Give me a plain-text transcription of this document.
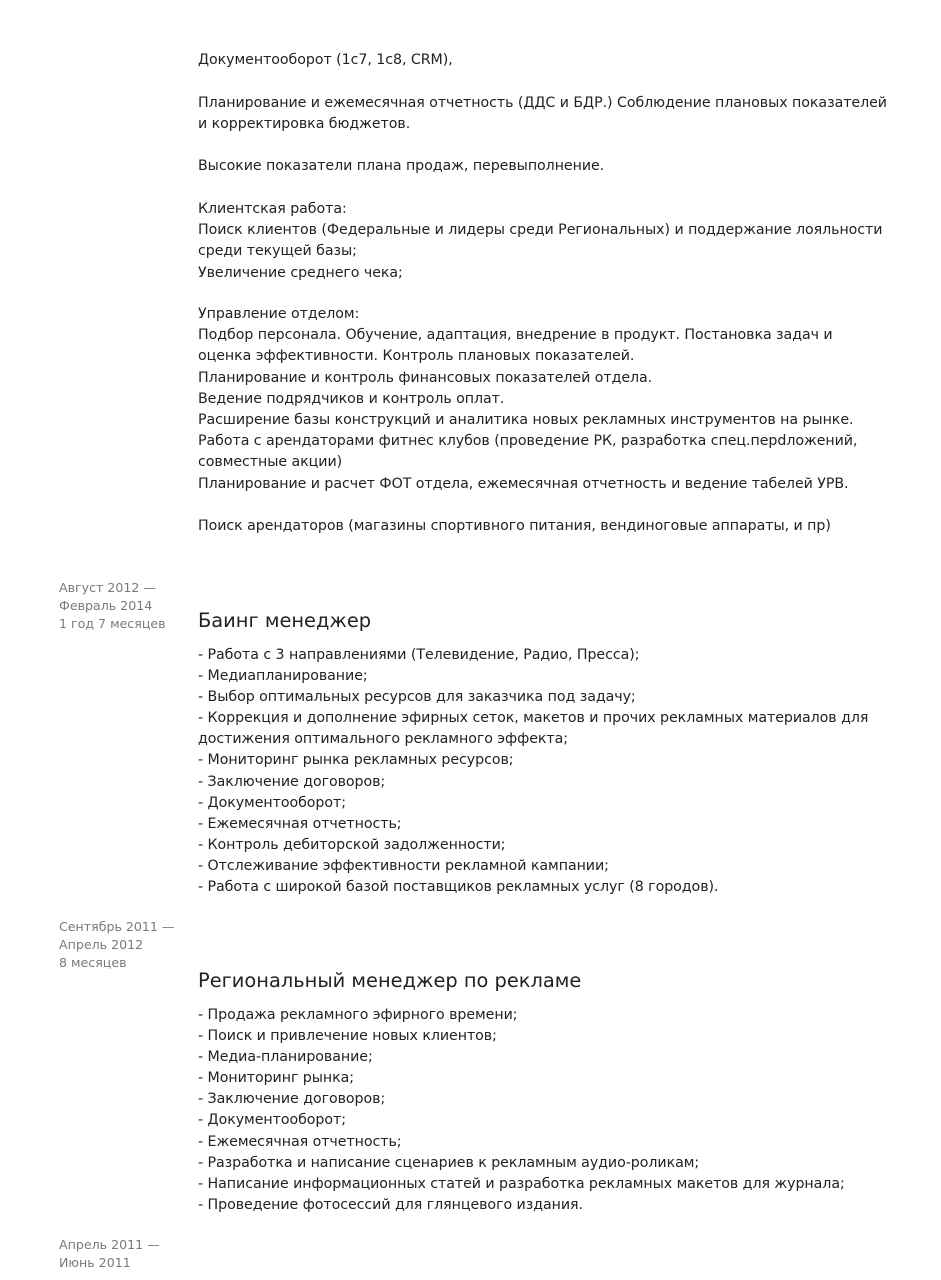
Документооборот (1с7, 1с8, CRM),

Планирование и ежемесячная отчетность (ДДС и БДР.) Соблюдение плановых показателей и корректировка бюджетов.

Высокие показатели плана продаж, перевыполнение.

Клиентская работа:
Поиск клиентов (Федеральные и лидеры среди Региональных) и поддержание лояльности среди текущей базы;
Увеличение среднего чека;

Управление отделом:
Подбор персонала. Обучение, адаптация, внедрение в продукт. Постановка задач и оценка эффективности. Контроль плановых показателей.
Планирование и контроль финансовых показателей отдела.
Ведение подрядчиков и контроль оплат.
Расширение базы конструкций и аналитика новых рекламных инструментов на рынке.
Работа с арендаторами фитнес клубов (проведение РК, разработка спец.перdложений, совместные акции)
Планирование и расчет ФОТ отдела, ежемесячная отчетность и ведение табелей УРВ.

Поиск арендаторов (магазины спортивного питания, вендиноговые аппараты, и пр)

Август 2012 —
Февраль 2014
1 год 7 месяцев	Баинг менеджер
- Работа с 3 направлениями (Телевидение, Радио, Пресса);
- Медиапланирование;
- Выбор оптимальных ресурсов для заказчика под задачу;
- Коррекция и дополнение эфирных сеток, макетов и прочих рекламных материалов для достижения оптимального рекламного эффекта;
- Мониторинг рынка рекламных ресурсов;
- Заключение договоров;
- Документооборот;
- Ежемесячная отчетность;
- Контроль дебиторской задолженности;
- Отслеживание эффективности рекламной кампании;
- Работа с широкой базой поставщиков рекламных услуг (8 городов).
Сентябрь 2011 —
Апрель 2012
8 месяцев
Региональный менеджер по рекламе
- Продажа рекламного эфирного времени;
- Поиск и привлечение новых клиентов;
- Медиа-планирование;
- Мониторинг рынка;
- Заключение договоров;
- Документооборот;
- Ежемесячная отчетность;
- Разработка и написание сценариев к рекламным аудио-роликам;
- Написание информационных статей и разработка рекламных макетов для журнала;
- Проведение фотосессий для глянцевого издания.
Апрель 2011 —
Июнь 2011
